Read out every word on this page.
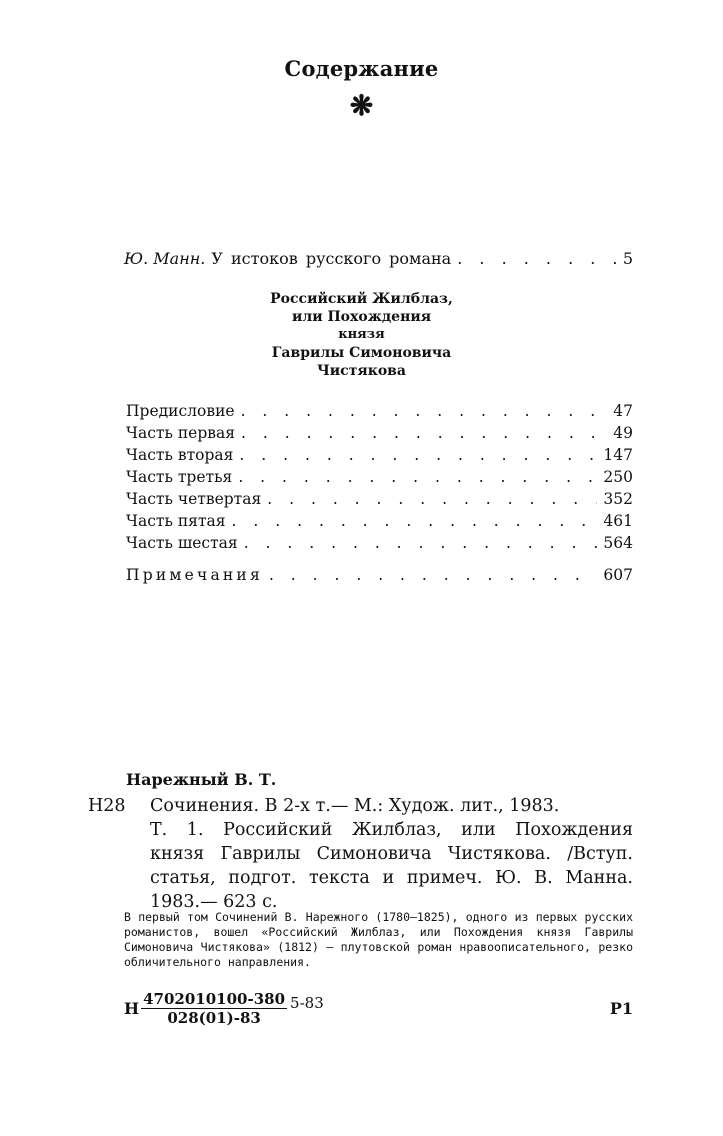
Содержание
❋
Ю. Манн. У истоков русского романа . . .	5
Российский Жилблаз,
или Похождения
князя
Гаврилы Симоновича
Чистякова
Предисловие . . .	47
Часть первая . . .	49
Часть вторая . . .	147
Часть третья . . .	250
Часть четвертая . . .	352
Часть пятая . . .	461
Часть шестая . . .	564
Примечания . . .	607
Нарежный В. Т.
Н28	Сочинения. В 2-х т.— М.: Худож. лит., 1983.
Т. 1. Российский Жилблаз, или Похождения
князя Гаврилы Симоновича Чистякова. /Вступ.
статья, подгот. текста и примеч. Ю. В. Манна.
1983.— 623 с.
В первый том Сочинений В. Нарежного (1780—1825), одного из первых русских романистов, вошел «Российский Жилблаз, или Похождения князя Гаврилы Симоновича Чистякова» (1812) — плутовской роман нравоописательного, резко обличительного направления.
Н $\frac{4702010100-380}{028(01)-83} 5-83$	Р1
